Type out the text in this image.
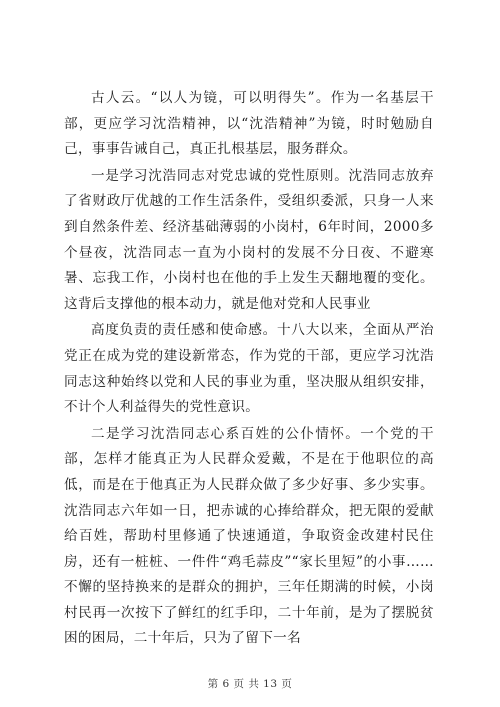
古人云。“以人为镜，可以明得失”。作为一名基层干部，更应学习沈浩精神，以“沈浩精神”为镜，时时勉励自己，事事告诫自己，真正扎根基层，服务群众。

一是学习沈浩同志对党忠诚的党性原则。沈浩同志放弃了省财政厅优越的工作生活条件，受组织委派，只身一人来到自然条件差、经济基础薄弱的小岗村，6年时间，2000多个昼夜，沈浩同志一直为小岗村的发展不分日夜、不避寒暑、忘我工作，小岗村也在他的手上发生天翻地覆的变化。这背后支撑他的根本动力，就是他对党和人民事业

高度负责的责任感和使命感。十八大以来，全面从严治党正在成为党的建设新常态，作为党的干部，更应学习沈浩同志这种始终以党和人民的事业为重，坚决服从组织安排，不计个人利益得失的党性意识。

二是学习沈浩同志心系百姓的公仆情怀。一个党的干部，怎样才能真正为人民群众爱戴，不是在于他职位的高低，而是在于他真正为人民群众做了多少好事、多少实事。沈浩同志六年如一日，把赤诚的心捧给群众，把无限的爱献给百姓，帮助村里修通了快速通道，争取资金改建村民住房，还有一桩桩、一件件“鸡毛蒜皮”“家长里短”的小事……不懈的坚持换来的是群众的拥护，三年任期满的时候，小岗村民再一次按下了鲜红的红手印，二十年前，是为了摆脱贫困的困局，二十年后，只为了留下一名

第 6 页 共 13 页
